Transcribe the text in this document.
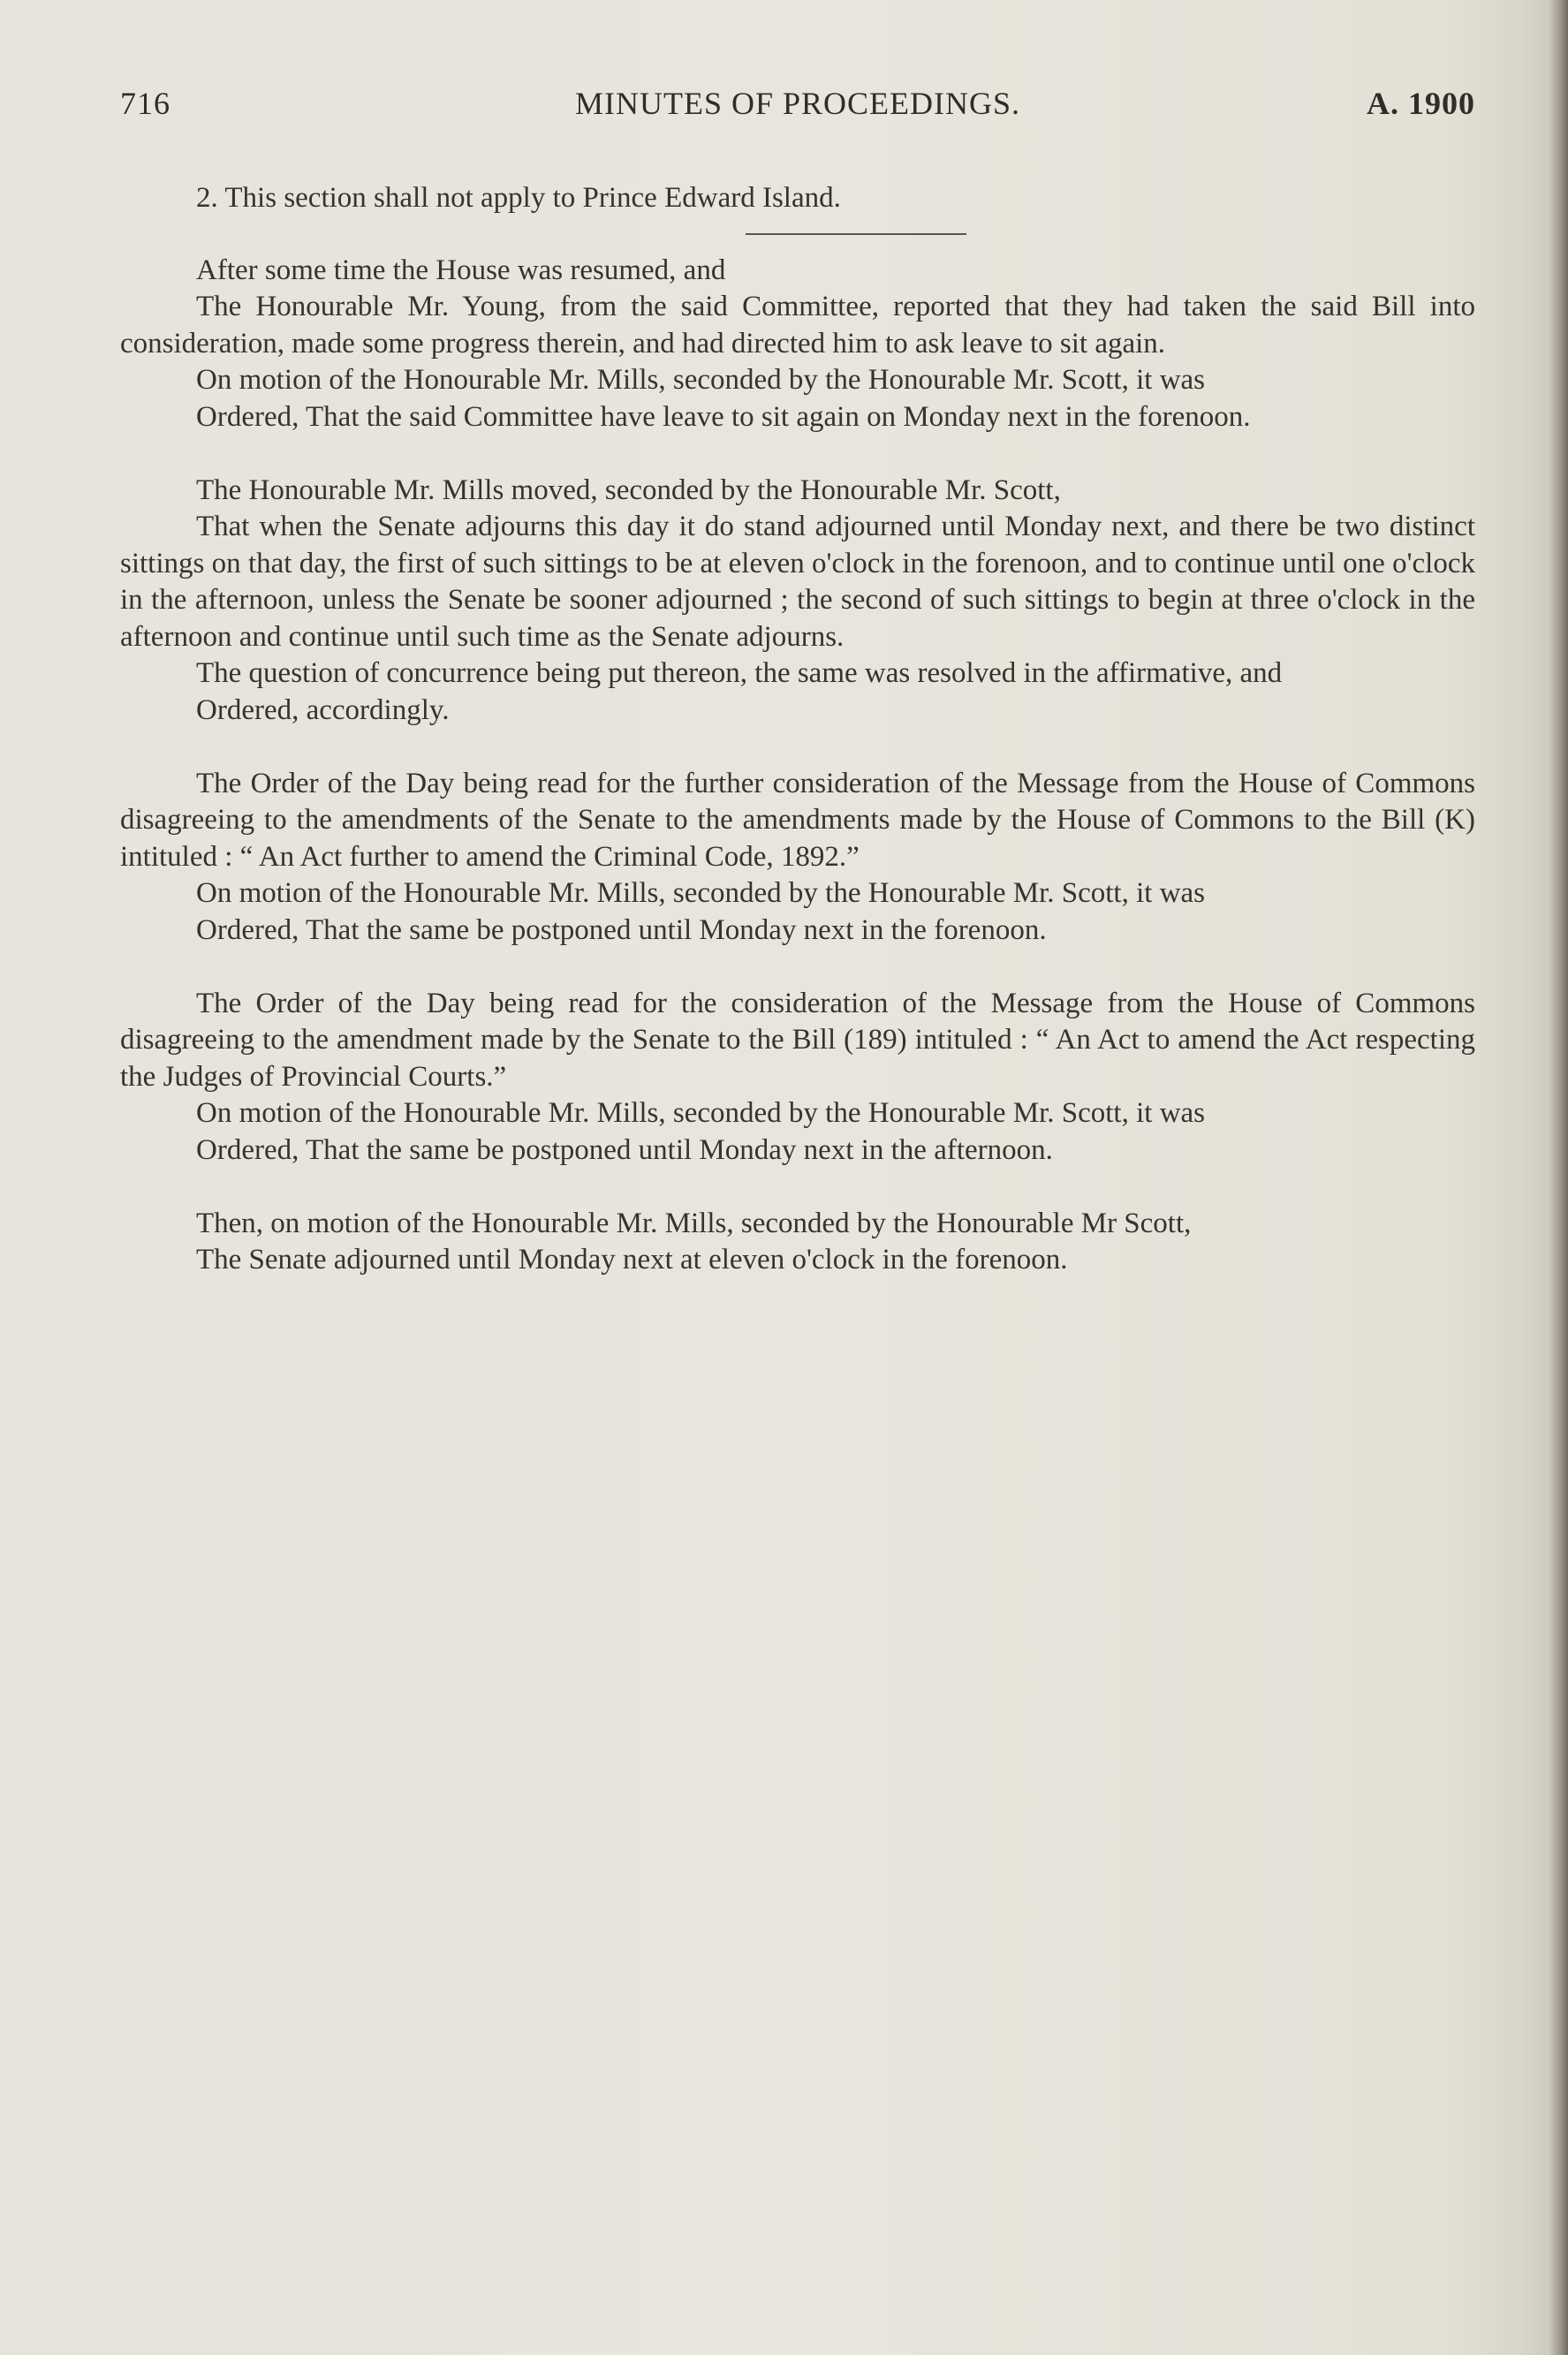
716	MINUTES OF PROCEEDINGS.	A. 1900

2. This section shall not apply to Prince Edward Island.

After some time the House was resumed, and

The Honourable Mr. Young, from the said Committee, reported that they had taken the said Bill into consideration, made some progress therein, and had directed him to ask leave to sit again.

On motion of the Honourable Mr. Mills, seconded by the Honourable Mr. Scott, it was

Ordered, That the said Committee have leave to sit again on Monday next in the forenoon.

The Honourable Mr. Mills moved, seconded by the Honourable Mr. Scott,

That when the Senate adjourns this day it do stand adjourned until Monday next, and there be two distinct sittings on that day, the first of such sittings to be at eleven o'clock in the forenoon, and to continue until one o'clock in the afternoon, unless the Senate be sooner adjourned ; the second of such sittings to begin at three o'clock in the afternoon and continue until such time as the Senate adjourns.

The question of concurrence being put thereon, the same was resolved in the affirmative, and

Ordered, accordingly.

The Order of the Day being read for the further consideration of the Message from the House of Commons disagreeing to the amendments of the Senate to the amendments made by the House of Commons to the Bill (K) intituled : “ An Act further to amend the Criminal Code, 1892.”

On motion of the Honourable Mr. Mills, seconded by the Honourable Mr. Scott, it was

Ordered, That the same be postponed until Monday next in the forenoon.

The Order of the Day being read for the consideration of the Message from the House of Commons disagreeing to the amendment made by the Senate to the Bill (189) intituled : “ An Act to amend the Act respecting the Judges of Provincial Courts.”

On motion of the Honourable Mr. Mills, seconded by the Honourable Mr. Scott, it was

Ordered, That the same be postponed until Monday next in the afternoon.

Then, on motion of the Honourable Mr. Mills, seconded by the Honourable Mr Scott,

The Senate adjourned until Monday next at eleven o'clock in the forenoon.
